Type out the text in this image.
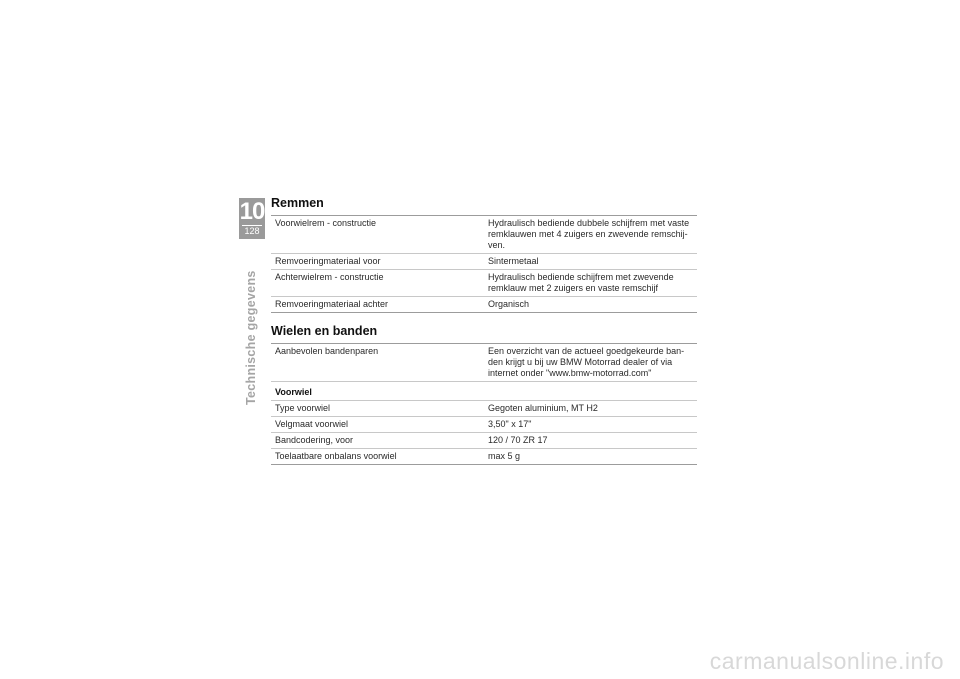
10
128
Technische gegevens
Remmen
Voorwielrem - constructie	Hydraulisch bediende dubbele schijfrem met vaste remklauwen met 4 zuigers en zwevende remschij-ven.
Remvoeringmateriaal voor	Sintermetaal
Achterwielrem - constructie	Hydraulisch bediende schijfrem met zwevende remklauw met 2 zuigers en vaste remschijf
Remvoeringmateriaal achter	Organisch
Wielen en banden
Aanbevolen bandenparen	Een overzicht van de actueel goedgekeurde ban-den krijgt u bij uw BMW Motorrad dealer of via internet onder "www.bmw-motorrad.com"
Voorwiel	
Type voorwiel	Gegoten aluminium, MT H2
Velgmaat voorwiel	3,50" x 17"
Bandcodering, voor	120 / 70 ZR 17
Toelaatbare onbalans voorwiel	max 5 g
carmanualsonline.info
